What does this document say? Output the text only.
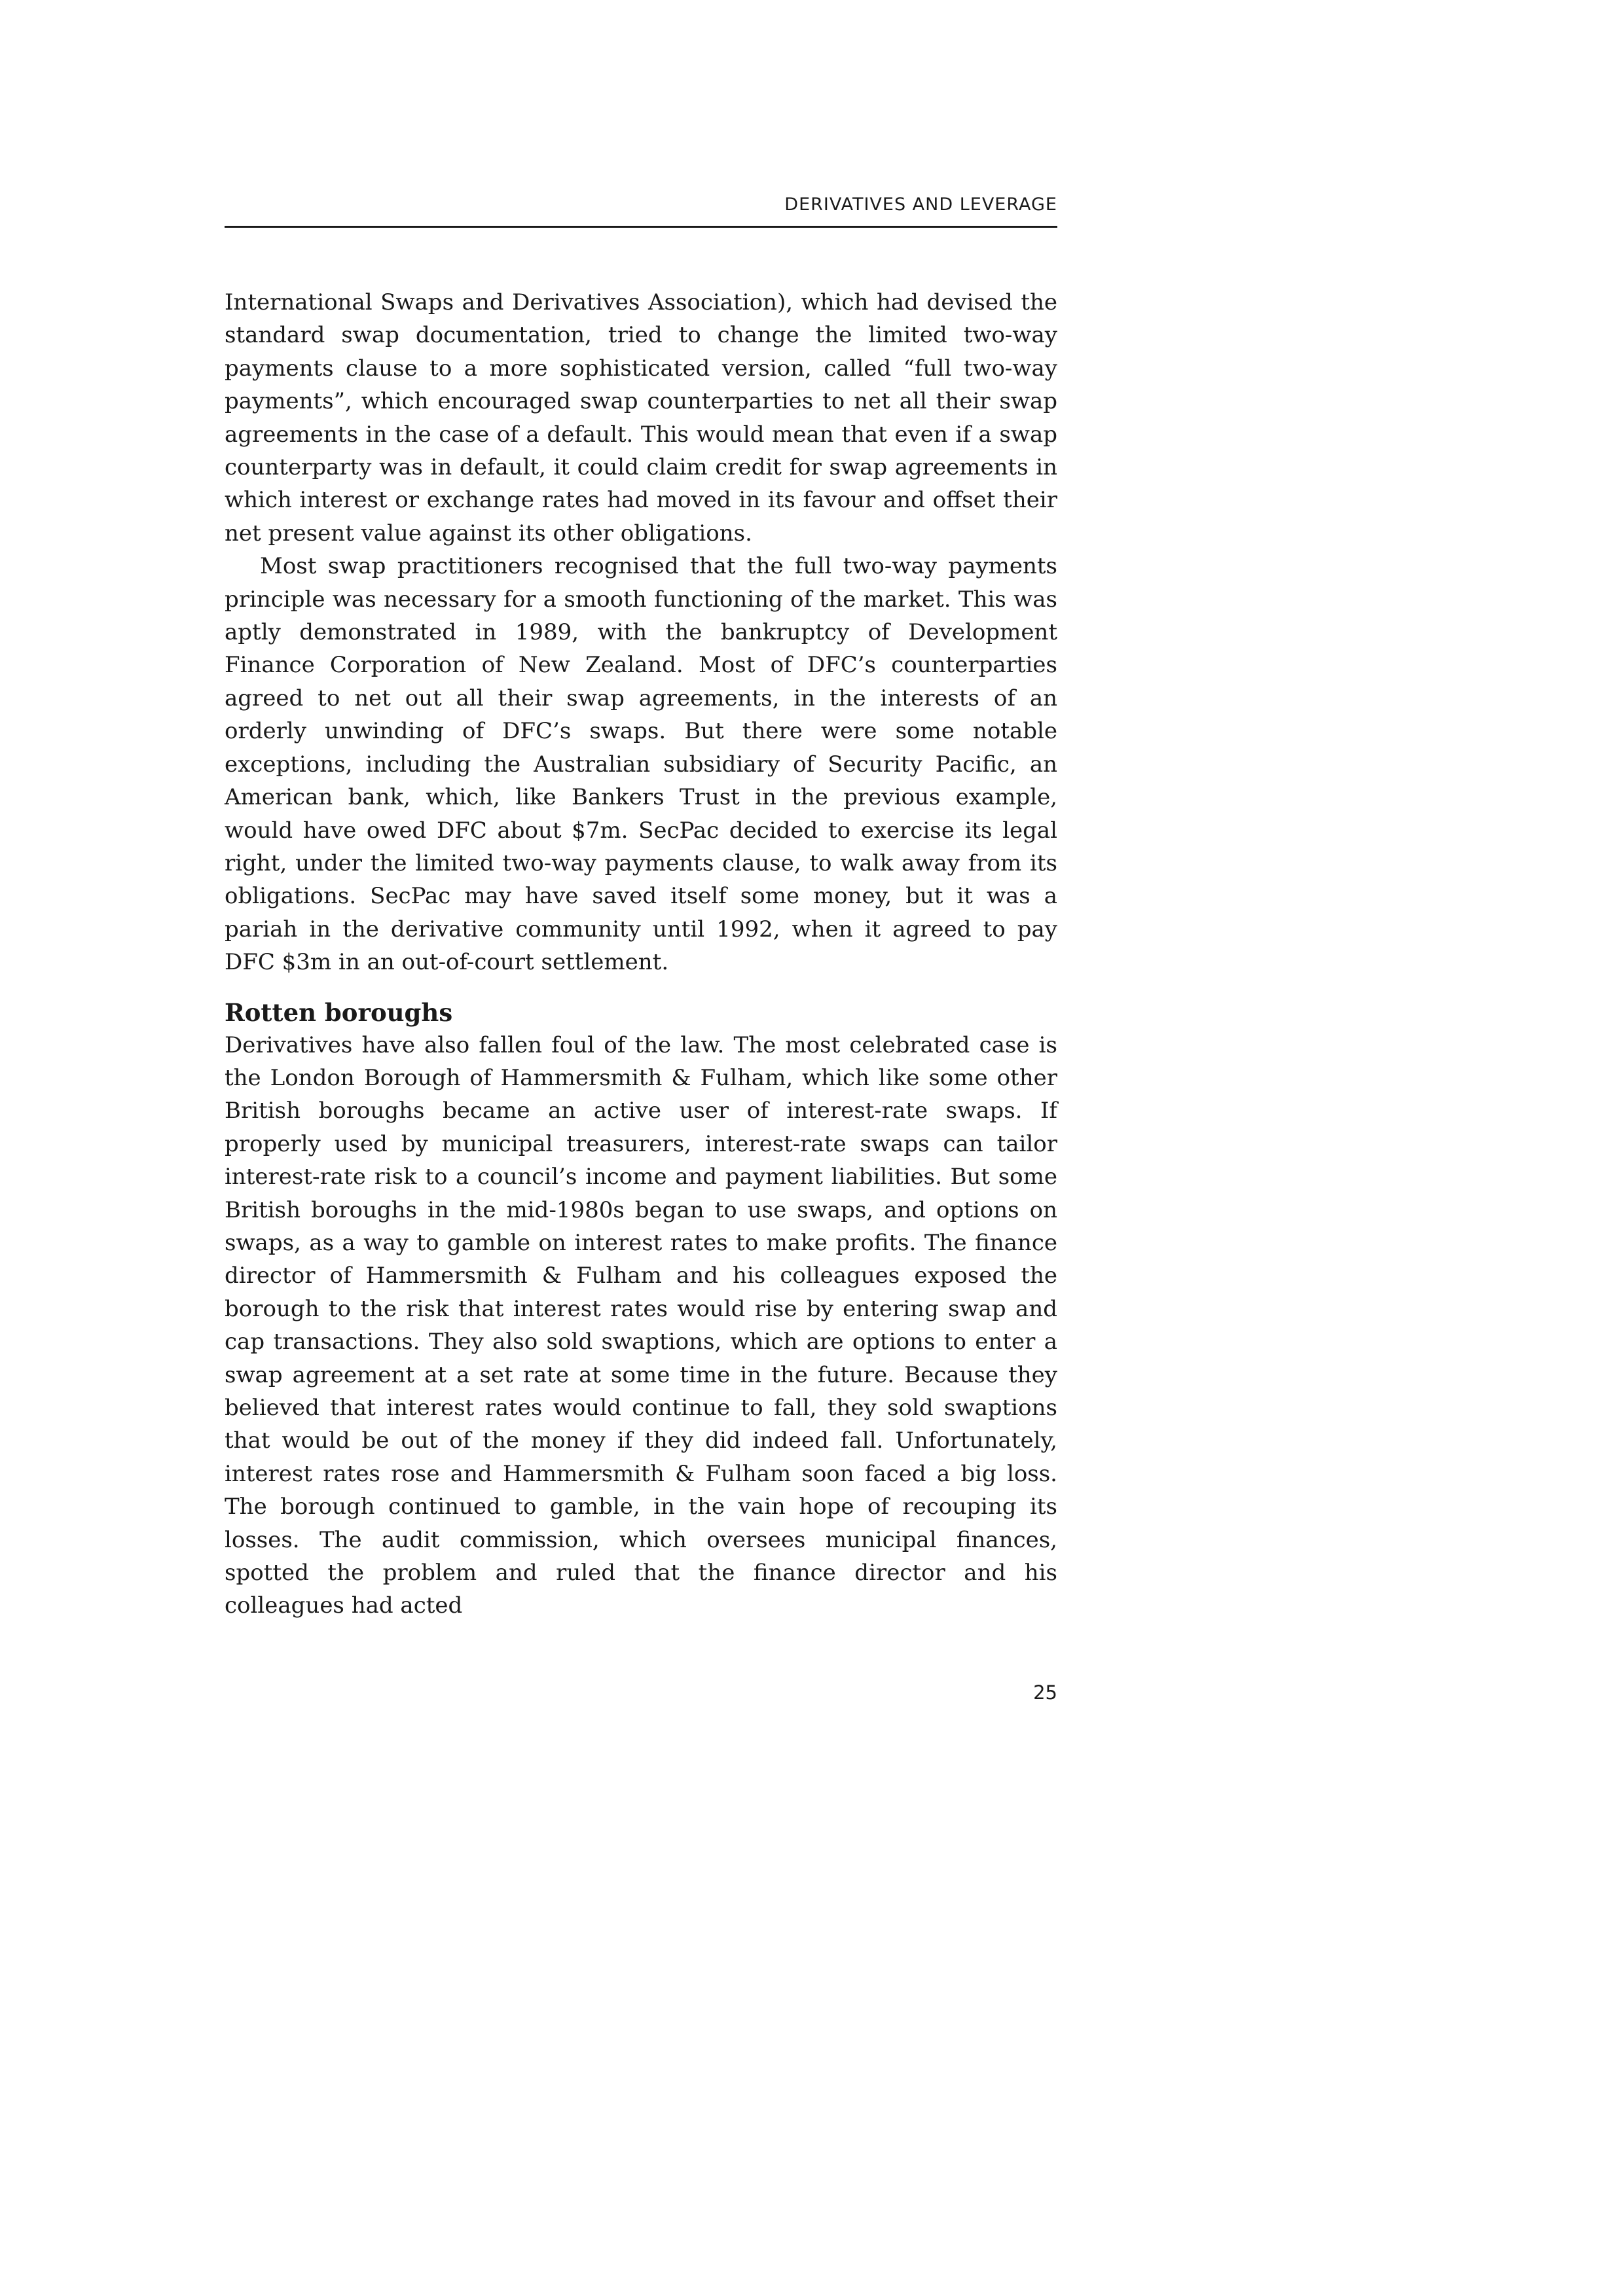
DERIVATIVES AND LEVERAGE

International Swaps and Derivatives Association), which had devised the standard swap documentation, tried to change the limited two-way payments clause to a more sophisticated version, called “full two-way payments”, which encouraged swap counterparties to net all their swap agreements in the case of a default. This would mean that even if a swap counterparty was in default, it could claim credit for swap agreements in which interest or exchange rates had moved in its favour and offset their net present value against its other obligations.

Most swap practitioners recognised that the full two-way payments principle was necessary for a smooth functioning of the market. This was aptly demonstrated in 1989, with the bankruptcy of Development Finance Corporation of New Zealand. Most of DFC’s counterparties agreed to net out all their swap agreements, in the interests of an orderly unwinding of DFC’s swaps. But there were some notable exceptions, including the Australian subsidiary of Security Pacific, an American bank, which, like Bankers Trust in the previous example, would have owed DFC about $7m. SecPac decided to exercise its legal right, under the limited two-way payments clause, to walk away from its obligations. SecPac may have saved itself some money, but it was a pariah in the derivative community until 1992, when it agreed to pay DFC $3m in an out-of-court settlement.

Rotten boroughs

Derivatives have also fallen foul of the law. The most celebrated case is the London Borough of Hammersmith & Fulham, which like some other British boroughs became an active user of interest-rate swaps. If properly used by municipal treasurers, interest-rate swaps can tailor interest-rate risk to a council’s income and payment liabilities. But some British boroughs in the mid-1980s began to use swaps, and options on swaps, as a way to gamble on interest rates to make profits. The finance director of Hammersmith & Fulham and his colleagues exposed the borough to the risk that interest rates would rise by entering swap and cap transactions. They also sold swaptions, which are options to enter a swap agreement at a set rate at some time in the future. Because they believed that interest rates would continue to fall, they sold swaptions that would be out of the money if they did indeed fall. Unfortunately, interest rates rose and Hammersmith & Fulham soon faced a big loss. The borough continued to gamble, in the vain hope of recouping its losses. The audit commission, which oversees municipal finances, spotted the problem and ruled that the finance director and his colleagues had acted

25
